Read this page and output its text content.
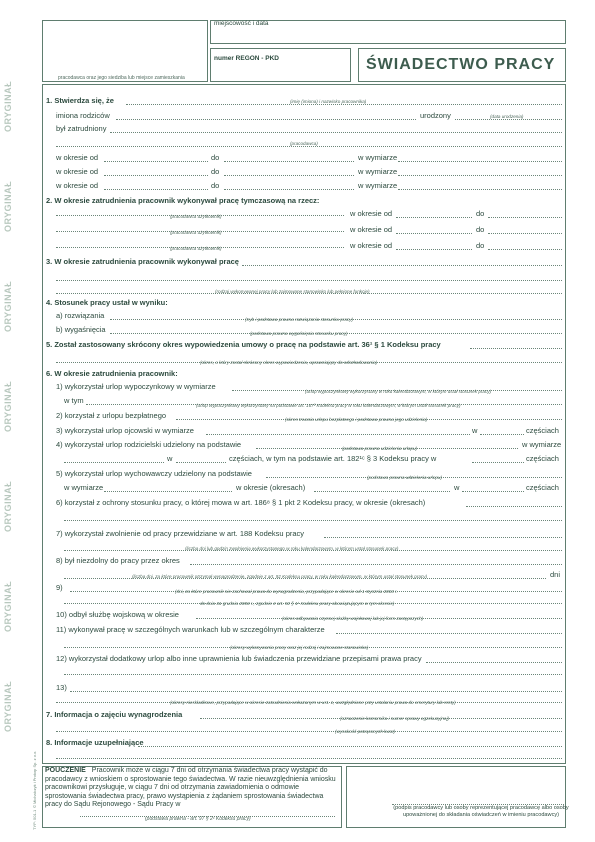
ORYGINAŁ
ORYGINAŁ
ORYGINAŁ
ORYGINAŁ
ORYGINAŁ
ORYGINAŁ
ORYGINAŁ
TYP: 501-1
© Michalczyk i Prokop Sp. z o.o.
pracodawca oraz jego siedziba lub miejsce zamieszkania
miejscowość i data
numer REGON - PKD	ŚWIADECTWO PRACY
1. Stwierdza się, że	(imię (imiona) i nazwisko pracownika)
imiona rodziców	urodzony	(data urodzenia)
był zatrudniony
(pracodawca)
w okresie od	do	w wymiarze
w okresie od	do	w wymiarze
w okresie od	do	w wymiarze
2. W okresie zatrudnienia pracownik wykonywał pracę tymczasową na rzecz:
(pracodawca użytkownik)	w okresie od	do
(pracodawca użytkownik)	w okresie od	do
(pracodawca użytkownik)	w okresie od	do
3. W okresie zatrudnienia pracownik wykonywał pracę
(rodzaj wykonywanej pracy lub zajmowane stanowisko lub pełnione funkcje)
4. Stosunek pracy ustał w wyniku:
a) rozwiązania	(tryb i podstawa prawna rozwiązania stosunku pracy)
b) wygaśnięcia	(podstawa prawna wygaśnięcia stosunku pracy)
5. Został zastosowany skrócony okres wypowiedzenia umowy o pracę na podstawie art. 36¹ § 1 Kodeksu pracy
(okres, o który został skrócony okres wypowiedzenia, uprawniający do odszkodowania)
6. W okresie zatrudnienia pracownik:
1) wykorzystał urlop wypoczynkowy w wymiarze
(urlop wypoczynkowy wykorzystany w roku kalendarzowym, w którym ustał stosunek pracy)
w tym
(urlop wypoczynkowy wykorzystany na podstawie art. 167² Kodeksu pracy w roku kalendarzowym, w którym ustał stosunek pracy)
2) korzystał z urlopu bezpłatnego	(okres trwania urlopu bezpłatnego i podstawa prawna jego udzielenia)
3) wykorzystał urlop ojcowski w wymiarze	w	częściach
4) wykorzystał urlop rodzicielski udzielony na podstawie	(podstawa prawna udzielenia urlopu)	w wymiarze
w	częściach, w tym na podstawie art. 182¹ᶜ § 3 Kodeksu pracy w	częściach
5) wykorzystał urlop wychowawczy udzielony na podstawie	(podstawa prawna udzielenia urlopu)
w wymiarze	w okresie (okresach)	w	częściach
6) korzystał z ochrony stosunku pracy, o której mowa w art. 186⁸ § 1 pkt 2 Kodeksu pracy, w okresie (okresach)
7) wykorzystał zwolnienie od pracy przewidziane w art. 188 Kodeksu pracy
(liczba dni lub godzin zwolnienia wykorzystanego w roku kalendarzowym, w którym ustał stosunek pracy)
8) był niezdolny do pracy przez okres
(liczba dni, za które pracownik otrzymał wynagrodzenie, zgodnie z art. 92 Kodeksu pracy, w roku kalendarzowym, w którym ustał stosunek pracy)	dni
9)	(dni, za które pracownik nie zachował prawa do wynagrodzenia, przypadające w okresie od 1 stycznia 2003 r.
do dnia 31 grudnia 2003 r., zgodnie z art. 92 § 1¹ Kodeksu pracy obowiązującym w tym okresie)
10) odbył służbę wojskową w okresie	(okres odbywania czynnej służby wojskowej lub jej form zastępczych)
11) wykonywał pracę w szczególnych warunkach lub w szczególnym charakterze
(okresy wykonywania pracy oraz jej rodzaj i zajmowane stanowisko)
12) wykorzystał dodatkowy urlop albo inne uprawnienia lub świadczenia przewidziane przepisami prawa pracy
13)
(okresy nieskładkowe, przypadające w okresie zatrudnienia wskazanym w ust. 1, uwzględnione przy ustalaniu prawa do emerytury lub renty)
7. Informacja o zajęciu wynagrodzenia	(oznaczenie komornika i numer sprawy egzekucyjnej)
(wysokość potrąconych kwot)
8. Informacje uzupełniające
POUCZENIE Pracownik może w ciągu 7 dni od otrzymania świadectwa pracy wystąpić do pracodawcy z wnioskiem o sprostowanie tego świadectwa. W razie nieuwzględnienia wniosku pracownikowi przysługuje, w ciągu 7 dni od otrzymania zawiadomienia o odmowie sprostowania świadectwa pracy, prawo wystąpienia z żądaniem sprostowania świadectwa pracy do Sądu Rejonowego - Sądu Pracy w
(podstawa prawna - art. 97 § 2¹ Kodeksu pracy)
(podpis pracodawcy lub osoby reprezentującej pracodawcę albo osoby upoważnionej do składania oświadczeń w imieniu pracodawcy)
